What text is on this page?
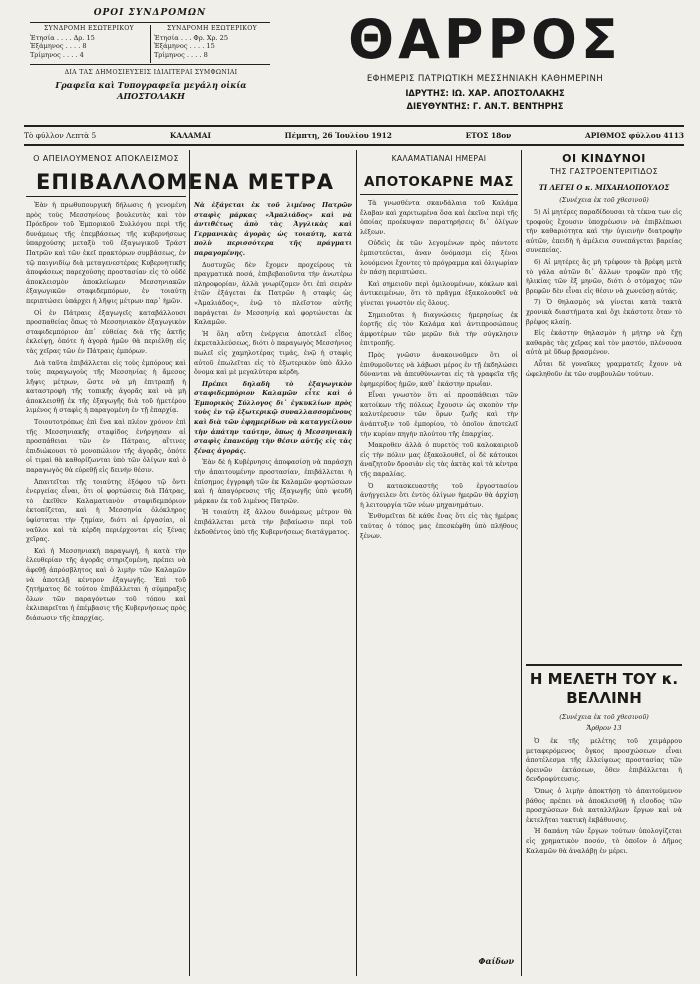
ΟΡΟΙ ΣΥΝΔΡΟΜΩΝ
ΣΥΝΔΡΟΜΗ ΕΣΩΤΕΡΙΚΟΥ
Ἐτησία . . . . Δρ. 15
Ἑξάμηνος . . . . 8
Τρίμηνος . . . . 4
ΣΥΝΔΡΟΜΗ ΕΞΩΤΕΡΙΚΟΥ
Ἐτησία . . . Φρ. Χρ. 25
Ἑξάμηνος . . . . 15
Τρίμηνος . . . . 8
ΔΙΑ ΤΑΣ ΔΗΜΟΣΙΕΥΣΕΙΣ ΙΔΙΑΙΤΕΡΑΙ ΣΥΜΦΩΝΙΑΙ
Γραφεῖα καὶ Τυπογραφεῖα μεγάλη οἰκία ΑΠΟΣΤΟΛΑΚΗ
ΘΑΡΡΟΣ
ΕΦΗΜΕΡΙΣ ΠΑΤΡΙΩΤΙΚΗ ΜΕΣΣΗΝΙΑΚΗ ΚΑΘΗΜΕΡΙΝΗ
ΙΔΡΥΤΗΣ: ΙΩ. ΧΑΡ. ΑΠΟΣΤΟΛΑΚΗΣ
ΔΙΕΥΘΥΝΤΗΣ: Γ. ΑΝ.Τ. ΒΕΝΤΗΡΗΣ
Τὸ φύλλον Λεπτὰ 5	ΚΑΛΑΜΑΙ	Πέμπτη, 26 Ἰουλίου 1912	ΕΤΟΣ 18ον	ΑΡΙΘΜΟΣ φύλλου 4113
Ο ΑΠΕΙΛΟΥΜΕΝΟΣ ΑΠΟΚΛΕΙΣΜΟΣ
ΕΠΙΒΑΛΛΟΜΕΝΑ ΜΕΤΡΑ

Ἐὰν ἡ πρωθυπουργικὴ δήλωσις ἡ γενομένη πρὸς τοὺς Μεσσηνίους βουλευτὰς καὶ τὸν Πρόεδρον τοῦ Ἐμπορικοῦ Συλλόγου περὶ τῆς δυνάμεως τῆς ἐπεμβάσεως τῆς κυβερνήσεως ὑπαρχούσης μεταξὺ τοῦ ἐξαγωγικοῦ Τράστ Πατρῶν καὶ τῶν ἐκεῖ πρακτόρων συμβάσεως, ἐν τῷ παιγνιδίῳ διὰ μεταγενεστέρας Κυβερνητικῆς ἀποφάσεως παρεχούσης προστασίαν εἰς τὸ οὐδὲ ἀποκλεισμὸν ἀποκλείωμεν Μεσσηνιακῶν ἐξαγωγικῶν σταφιδεμπόρων, ἐν τοιαύτῃ περιπτώσει ὑπάρχει ἡ λῆψις μέτρων παρ᾽ ἡμῶν.

Οἱ ἐν Πάτραις ἐξαγωγεῖς καταβάλλουσι προσπαθείας ὅπως τὸ Μεσσηνιακὸν ἐξαγωγικὸν σταφιδεμπόριον ἀπ᾽ εὐθείας διὰ τῆς ἀκτῆς ἐκλείψῃ, ὁπότε ἡ ἀγορὰ ἡμῶν θὰ περιέλθῃ εἰς τὰς χεῖρας τῶν ἐν Πάτραις ἐμπόρων.

Διὰ ταῦτα ἐπιβάλλεται εἰς τοὺς ἐμπόρους καὶ τοὺς παραγωγοὺς τῆς Μεσσηνίας ἡ ἄμεσος λῆψις μέτρων, ὥστε νὰ μὴ ἐπιτραπῇ ἡ καταστροφὴ τῆς τοπικῆς ἀγορᾶς καὶ νὰ μὴ ἀποκλεισθῇ ἐκ τῆς ἐξαγωγῆς διὰ τοῦ ἡμετέρου λιμένος ἡ σταφὶς ἡ παραγομένη ἐν τῇ ἐπαρχίᾳ.

Τοιουτοτρόπως ἐπὶ ἕνα καὶ πλέον χρόνον ἐπὶ τῆς Μεσσηνιακῆς σταφίδος ἐνήργησαν αἱ προσπάθειαι τῶν ἐν Πάτραις, αἵτινες ἐπιδιώκουσι τὸ μονοπώλιον τῆς ἀγορᾶς, ὁπότε οἱ τιμαὶ θὰ καθορίζωνται ὑπὸ τῶν ὀλίγων καὶ ὁ παραγωγὸς θὰ εὑρεθῇ εἰς δεινὴν θέσιν.

Ἀπαιτεῖται τῆς τοιαύτης ἐξόφου τῷ ὄντι ἐνεργείας εἶναι, ὅτι οἱ φορτώσεις διὰ Πάτρας, τὸ ἐκεῖθεν Καλαματιανὸν σταφιδεμπόριον ἐκτοπίζεται, καὶ ἡ Μεσσηνία ὁλόκληρος ὑφίσταται τὴν ζημίαν, διότι αἱ ἐργασίαι, οἱ ναῦλοι καὶ τὰ κέρδη περιέρχονται εἰς ξένας χεῖρας.

Καὶ ἡ Μεσσηνιακὴ παραγωγή, ἡ κατὰ τὴν ἐλευθερίαν τῆς ἀγορᾶς στηριζομένη, πρέπει νὰ ἀφεθῇ ἀπρόσβλητος καὶ ὁ λιμὴν τῶν Καλαμῶν νὰ ἀποτελῇ κέντρον ἐξαγωγῆς. Ἐπὶ τοῦ ζητήματος δὲ τούτου ἐπιβάλλεται ἡ σύμπραξις ὅλων τῶν παραγόντων τοῦ τόπου καὶ ἐκλιπαρεῖται ἡ ἐπέμβασις τῆς Κυβερνήσεως πρὸς διάσωσιν τῆς ἐπαρχίας.

Νὰ ἐξάγεται ἐκ τοῦ λιμένος Πατρῶν σταφὶς μάρκας «Ἀμαλιάδος» καὶ νὰ ἀντιθέτως ἀπὸ τὰς Ἀγγλικὰς καὶ Γερμανικὰς ἀγορὰς ὡς τοιαύτη, κατὰ πολὺ περισσότερα τῆς πράγματι παραγομένης.

Δυστυχῶς δὲν ἔχομεν προχείρους τὰ πραγματικὰ ποσά, ἐπιβεβαιοῦντα τὴν ἀνωτέρω πληροφορίαν, ἀλλὰ γνωρίζομεν ὅτι ἐπὶ σειρὰν ἐτῶν ἐξάγεται ἐκ Πατρῶν ἡ σταφὶς ὡς «Ἀμαλιάδος», ἐνῷ τὸ πλεῖστον αὐτῆς παράγεται ἐν Μεσσηνίᾳ καὶ φορτώνεται ἐκ Καλαμῶν.

Ἡ ὅλη αὕτη ἐνέργεια ἀποτελεῖ εἶδος ἐκμεταλλεύσεως, διότι ὁ παραγωγὸς Μεσσήνιος πωλεῖ εἰς χαμηλοτέρας τιμάς, ἐνῷ ἡ σταφὶς αὐτοῦ ἐπωλεῖται εἰς τὸ ἐξωτερικὸν ὑπὸ ἄλλο ὄνομα καὶ μὲ μεγαλύτερα κέρδη.

Πρέπει δηλαδὴ τὸ ἐξαγωγικὸν σταφιδεμπόριον Καλαμῶν εἶτε καὶ ὁ Ἐμπορικὸς Σύλλογος δι᾽ ἐγκυκλίων πρὸς τοὺς ἐν τῷ ἐξωτερικῷ συναλλασσομένους καὶ διὰ τῶν ἐφημερίδων νὰ καταγγείλουν τὴν ἀπάτην ταύτην, ὅπως ἡ Μεσσηνιακὴ σταφὶς ἐπανεύρῃ τὴν θέσιν αὐτῆς εἰς τὰς ξένας ἀγοράς.

Ἐὰν δὲ ἡ Κυβέρνησις ἀποφασίσῃ νὰ παράσχῃ τὴν ἀπαιτουμένην προστασίαν, ἐπιβάλλεται ἡ ἐπίσημος ἐγγραφὴ τῶν ἐκ Καλαμῶν φορτώσεων καὶ ἡ ἀπαγόρευσις τῆς ἐξαγωγῆς ὑπὸ ψευδῆ μάρκαν ἐκ τοῦ λιμένος Πατρῶν.

Ἡ τοιαύτη ἐξ ἄλλου δυνάμεως μέτρον θὰ ἐπιβάλλεται μετὰ τὴν βεβαίωσιν περὶ τοῦ ἐκδοθέντος ὑπὸ τῆς Κυβερνήσεως διατάγματος.

ΚΑΛΑΜΑΤΙΑΝΑΙ ΗΜΕΡΑΙ
ΑΠΟΤΟΚΑΡΝΕ ΜΑΣ

Τὰ γνωσθέντα σκανδάλαια τοῦ Καλάμα ἔλαβαν καὶ χαριτωμένα ὅσα καὶ ἐκεῖνα περὶ τῆς ὁποίας προέκυψαν παρατηρήσεις δι᾽ ὀλίγων λέξεων.

Οὐδεὶς ἐκ τῶν λεγομένων πρὸς πάντοτε ἐμπιστεύεται, ἀναν ὀνόμασμι εἰς ξένοι λουόμενοι ἔχοντες τὸ πρόγραμμα καὶ ὀλιγωρίαν ἐν πάσῃ περιπτώσει.

Καὶ σημειοῦν περὶ ὁμιλουμένων, κόκλων καὶ ἀντικειμένων, ὅτι τὸ πρᾶγμα ἐξακολουθεῖ νὰ γίνεται γνωστὸν εἰς ὅλους.

Σημειοῦται ἡ διαγνώσεις ἡμερησίως ἐκ ἐορτῆς εἰς τὸν Καλάμα καὶ ἀντιπροσώπους ἀμφοτέρων τῶν μερῶν διὰ τὴν σύγκλησιν ἐπιτροπῆς.

Πρὸς γνῶσιν ἀνακοινοῦμεν ὅτι οἱ ἐπιθυμοῦντες νὰ λάβωσι μέρος ἐν τῇ ἐκδηλώσει δύνανται νὰ ἀπευθύνωνται εἰς τὰ γραφεῖα τῆς ἐφημερίδος ἡμῶν, καθ᾽ ἑκάστην πρωΐαν.

Εἶναι γνωστὸν ὅτι αἱ προσπάθειαι τῶν κατοίκων τῆς πόλεως ἔχουσιν ὡς σκοπὸν τὴν καλυτέρευσιν τῶν ὅρων ζωῆς καὶ τὴν ἀνάπτυξιν τοῦ ἐμπορίου, τὸ ὁποῖον ἀποτελεῖ τὴν κυρίαν πηγὴν πλούτου τῆς ἐπαρχίας.

Μακροθεν ἀλλὰ ὁ πυρετὸς τοῦ καλοκαιριοῦ εἰς τὴν πόλιν μας ἐξακολουθεῖ, οἱ δὲ κάτοικοι ἀναζητοῦν δροσιὰν εἰς τὰς ἀκτὰς καὶ τὰ κέντρα τῆς παραλίας.

Ὁ κατασκευαστὴς τοῦ ἐργοστασίου ἀνήγγειλεν ὅτι ἐντὸς ὀλίγων ἡμερῶν θὰ ἀρχίσῃ ἡ λειτουργία τῶν νέων μηχανημάτων.

Ἐνθυμεῖται δὲ κάθε ἕνας ὅτι εἰς τὰς ἡμέρας ταύτας ὁ τόπος μας ἐπεσκέφθη ὑπὸ πλήθους ξένων.

Φαίδων
ΟΙ ΚΙΝΔΥΝΟΙ
ΤΗΣ ΓΑΣΤΡΟΕΝΤΕΡΙΤΙΔΟΣ
ΤΙ ΛΕΓΕΙ Ο κ. ΜΙΧΑΗΛΟΠΟΥΛΟΣ
(Συνέχεια ἐκ τοῦ χθεσινοῦ)

5) Αἱ μητέρες παραδίδουσαι τὰ τέκνα των εἰς τροφοὺς ἔχουσιν ὑποχρέωσιν νὰ ἐπιβλέπωσι τὴν καθαριότητα καὶ τὴν ὑγιεινὴν διατροφὴν αὐτῶν, ἐπειδὴ ἡ ἀμέλεια συνεπάγεται βαρείας συνεπείας.

6) Αἱ μητέρες ἂς μὴ τρέφουν τὰ βρέφη μετὰ τὸ γάλα αὐτῶν δι᾽ ἄλλων τροφῶν πρὸ τῆς ἡλικίας τῶν ἓξ μηνῶν, διότι ὁ στόμαχος τῶν βρεφῶν δὲν εἶναι εἰς θέσιν νὰ χωνεύσῃ αὐτάς.

7) Ὁ θηλασμὸς νὰ γίνεται κατὰ τακτὰ χρονικὰ διαστήματα καὶ ὄχι ἑκάστοτε ὅταν τὸ βρέφος κλαίῃ.

Εἰς ἑκάστην θηλασμὸν ἡ μήτηρ νὰ ἔχῃ καθαρὰς τὰς χεῖρας καὶ τὸν μαστόν, πλένουσα αὐτὰ μὲ ὕδωρ βρασμένον.

Αὗται δὲ γυναῖκες γραμματεῖς ἔχουν νὰ ὠφεληθοῦν ἐκ τῶν συμβουλῶν τούτων.

Η ΜΕΛΕΤΗ ΤΟΥ κ. ΒΕΛΛΙΝΗ
(Συνέχεια ἐκ τοῦ χθεσινοῦ)
Ἄρθρον 13

Ὁ ἐκ τῆς μελέτης τοῦ χειμάρρου μεταφερόμενος ὄγκος προσχώσεων εἶναι ἀποτέλεσμα τῆς ἐλλείψεως προστασίας τῶν ὀρεινῶν ἐκτάσεων, ὅθεν ἐπιβάλλεται ἡ δενδροφύτευσις.

Ὅπως ὁ λιμὴν ἀποκτήσῃ τὸ ἀπαιτούμενον βάθος πρέπει νὰ ἀποκλεισθῇ ἡ εἴσοδος τῶν προσχώσεων διὰ καταλλήλων ἔργων καὶ νὰ ἐκτελῆται τακτικὴ ἐκβάθυνσις.

Ἡ δαπάνη τῶν ἔργων τούτων ὑπολογίζεται εἰς χρηματικὸν ποσόν, τὸ ὁποῖον ὁ Δῆμος Καλαμῶν θὰ ἀναλάβῃ ἐν μέρει.
